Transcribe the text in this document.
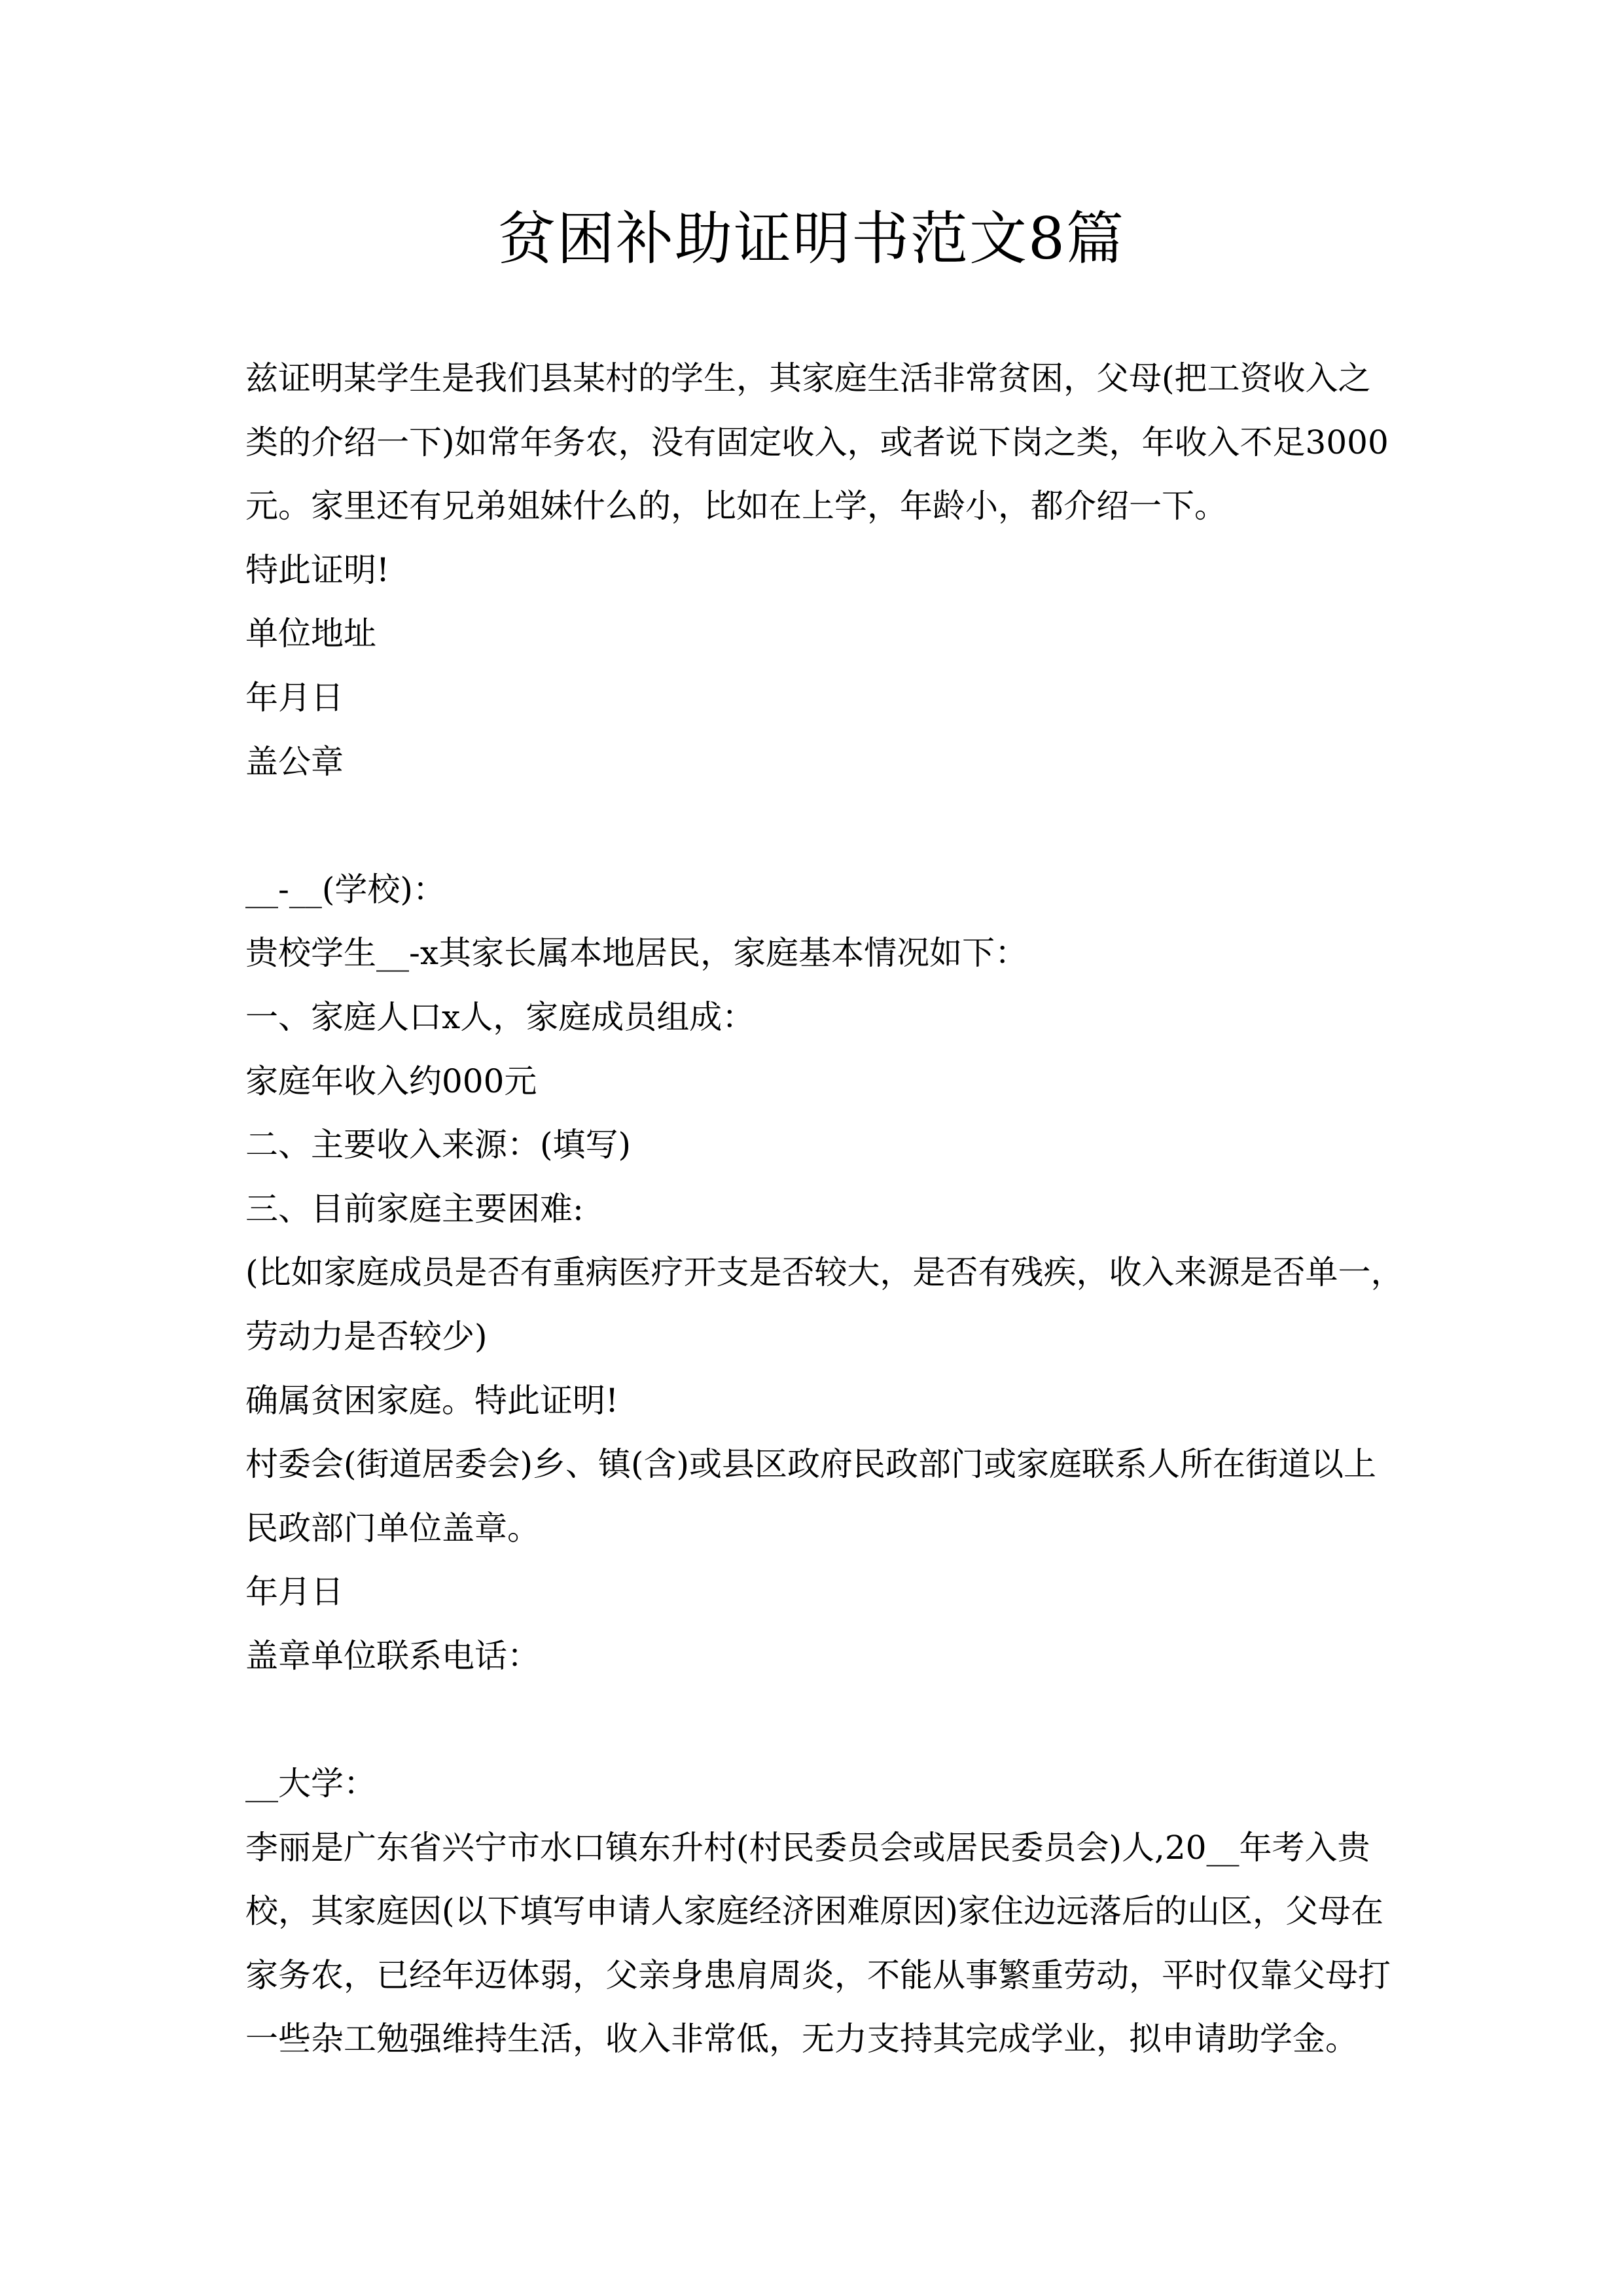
贫困补助证明书范文8篇

兹证明某学生是我们县某村的学生，其家庭生活非常贫困，父母(把工资收入之

类的介绍一下)如常年务农，没有固定收入，或者说下岗之类，年收入不足3000

元。家里还有兄弟姐妹什么的，比如在上学，年龄小，都介绍一下。

特此证明!

单位地址

年月日

盖公章

__-__(学校)：

贵校学生__-x其家长属本地居民，家庭基本情况如下：

一、家庭人口x人，家庭成员组成：

家庭年收入约000元

二、主要收入来源：(填写)

三、目前家庭主要困难:

(比如家庭成员是否有重病医疗开支是否较大，是否有残疾，收入来源是否单一，

劳动力是否较少)

确属贫困家庭。特此证明!

村委会(街道居委会)乡、镇(含)或县区政府民政部门或家庭联系人所在街道以上

民政部门单位盖章。

年月日

盖章单位联系电话：

__大学：

李丽是广东省兴宁市水口镇东升村(村民委员会或居民委员会)人,20__年考入贵

校，其家庭因(以下填写申请人家庭经济困难原因)家住边远落后的山区，父母在

家务农，已经年迈体弱，父亲身患肩周炎，不能从事繁重劳动，平时仅靠父母打

一些杂工勉强维持生活，收入非常低，无力支持其完成学业，拟申请助学金。
